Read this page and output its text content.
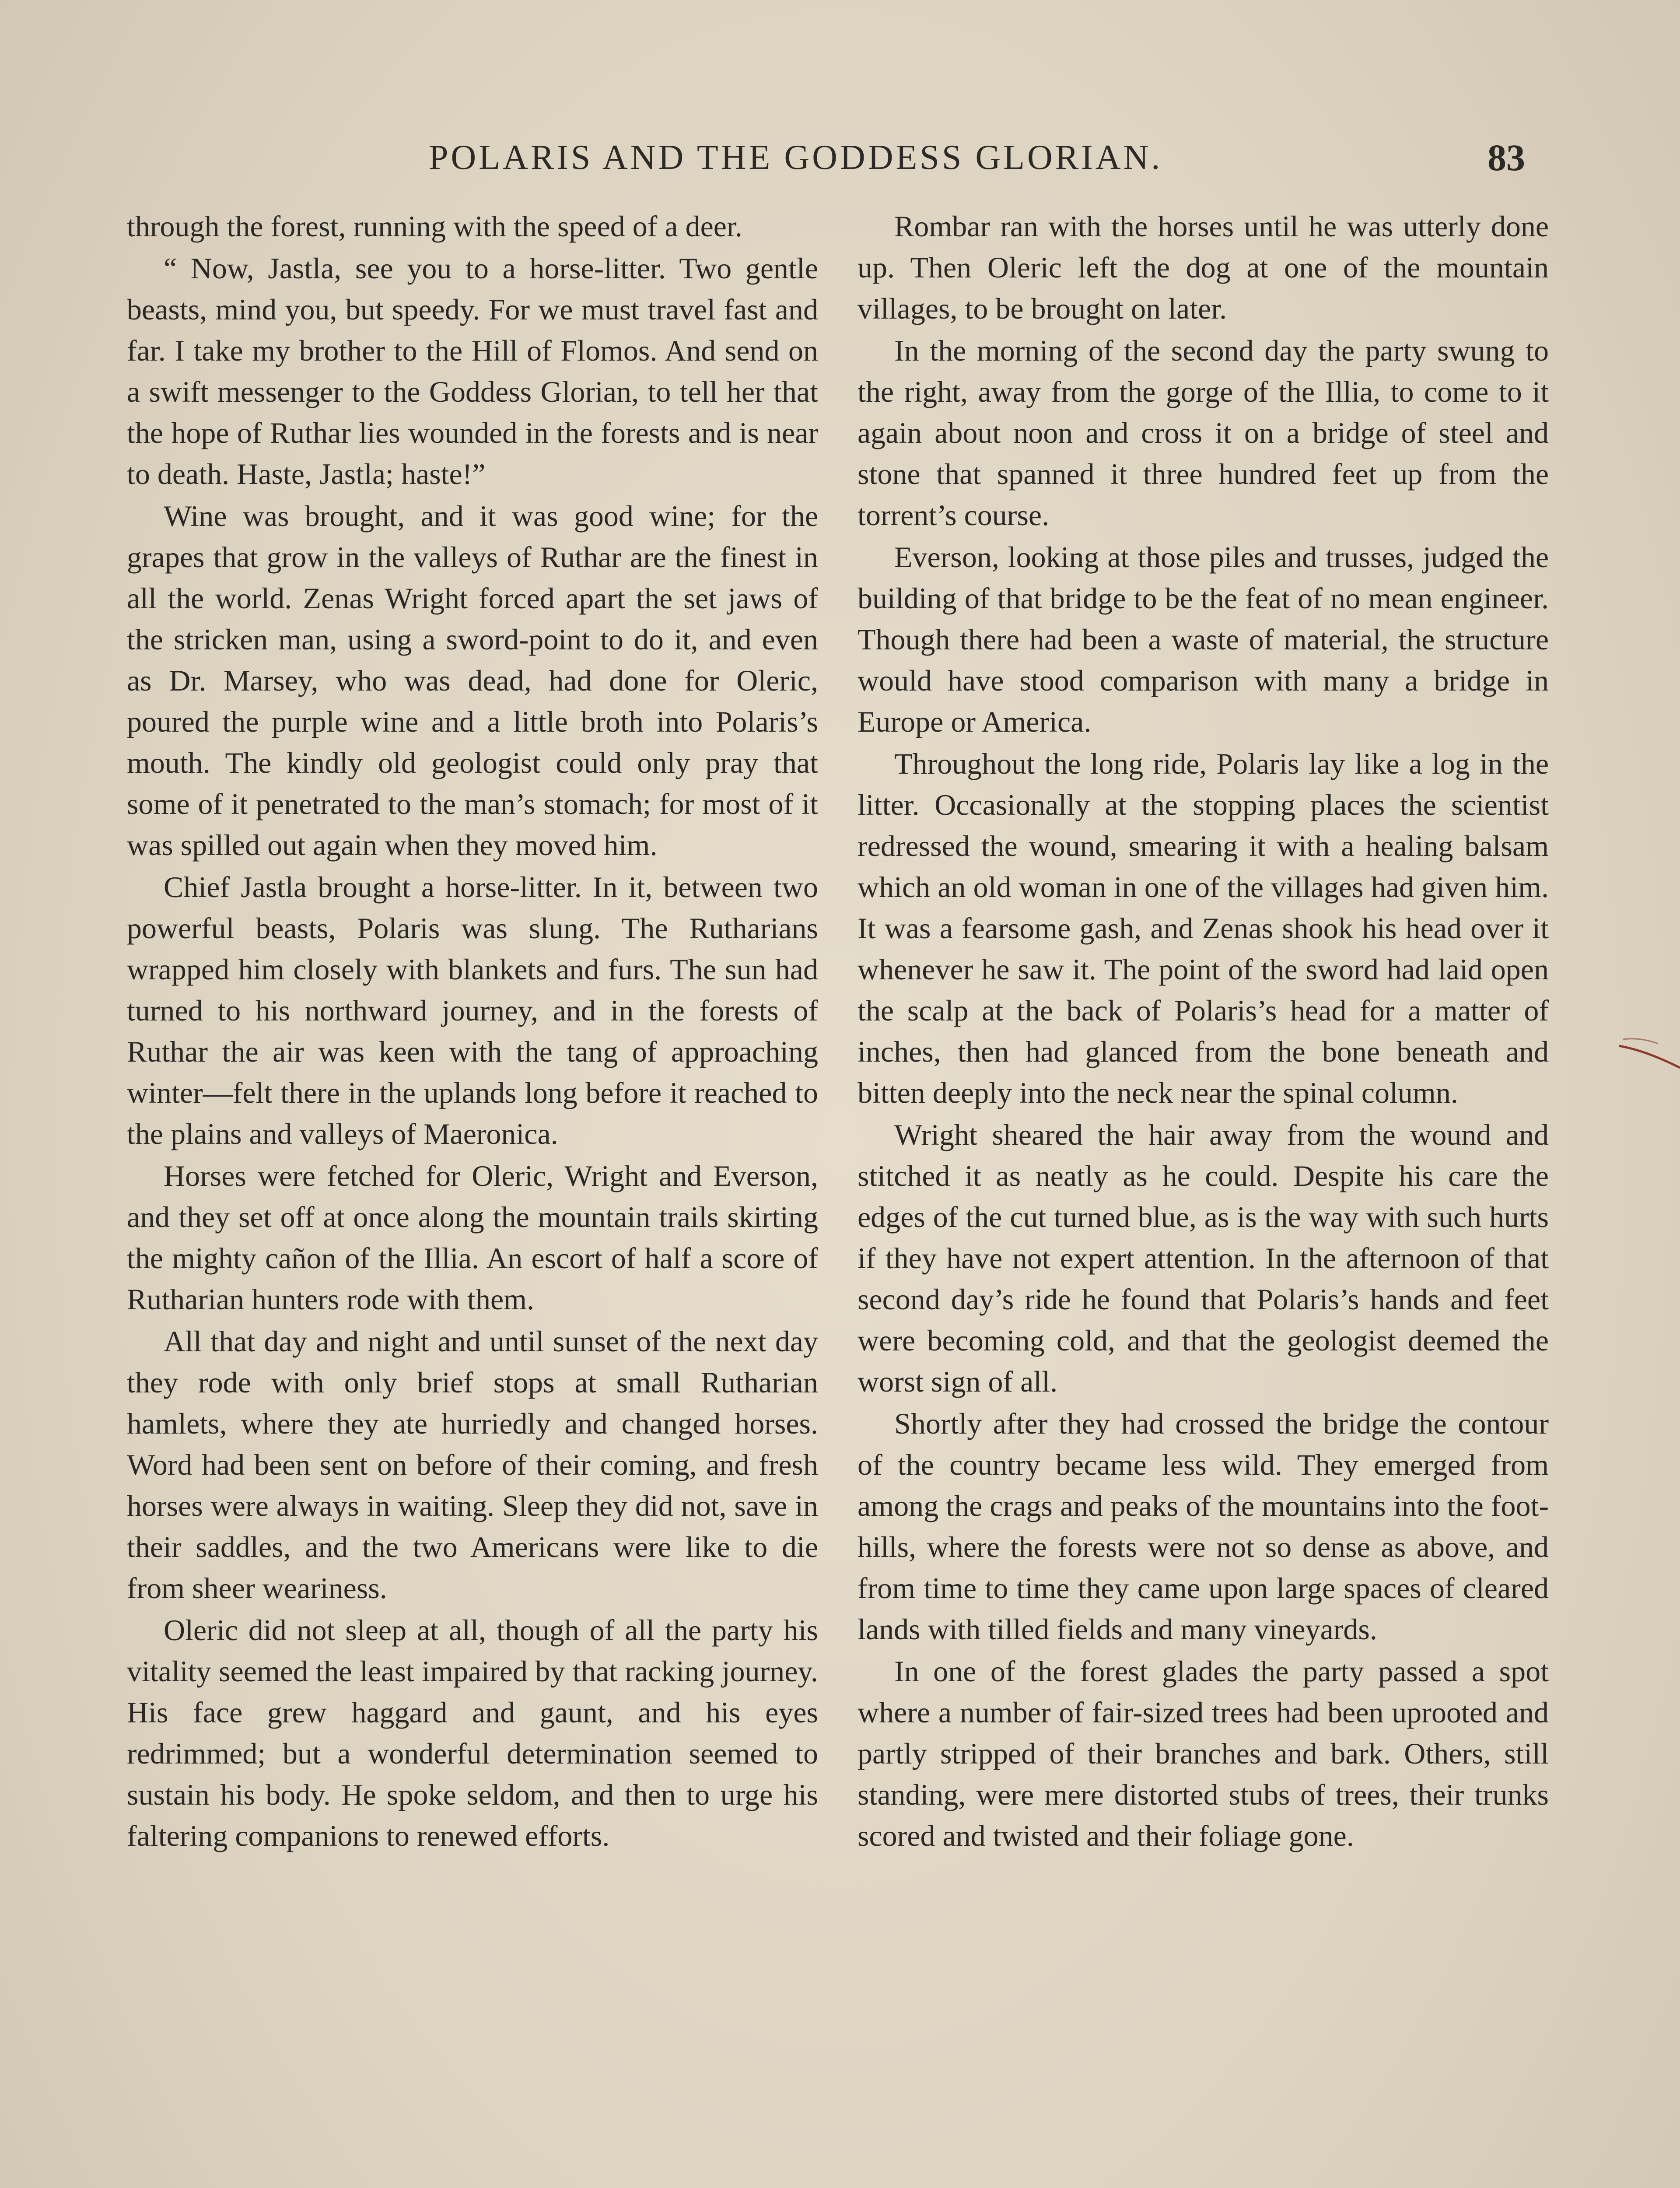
POLARIS AND THE GODDESS GLORIAN.	83

through the forest, running with the speed of a deer.

“ Now, Jastla, see you to a horse-litter. Two gentle beasts, mind you, but speedy. For we must travel fast and far. I take my brother to the Hill of Flomos. And send on a swift messenger to the Goddess Glorian, to tell her that the hope of Ruthar lies wounded in the forests and is near to death. Haste, Jastla; haste!”

Wine was brought, and it was good wine; for the grapes that grow in the valleys of Ruthar are the finest in all the world. Zenas Wright forced apart the set jaws of the stricken man, using a sword-point to do it, and even as Dr. Marsey, who was dead, had done for Oleric, poured the purple wine and a little broth into Polaris’s mouth. The kindly old geologist could only pray that some of it penetrated to the man’s stomach; for most of it was spilled out again when they moved him.

Chief Jastla brought a horse-litter. In it, between two powerful beasts, Polaris was slung. The Rutharians wrapped him closely with blankets and furs. The sun had turned to his northward journey, and in the forests of Ruthar the air was keen with the tang of approaching winter—felt there in the uplands long before it reached to the plains and valleys of Maeronica.

Horses were fetched for Oleric, Wright and Everson, and they set off at once along the mountain trails skirting the mighty cañon of the Illia. An escort of half a score of Rutharian hunters rode with them.

All that day and night and until sunset of the next day they rode with only brief stops at small Rutharian hamlets, where they ate hurriedly and changed horses. Word had been sent on before of their coming, and fresh horses were always in waiting. Sleep they did not, save in their saddles, and the two Americans were like to die from sheer weariness.

Oleric did not sleep at all, though of all the party his vitality seemed the least impaired by that racking journey. His face grew haggard and gaunt, and his eyes redrimmed; but a wonderful determination seemed to sustain his body. He spoke seldom, and then to urge his faltering companions to renewed efforts.

Rombar ran with the horses until he was utterly done up. Then Oleric left the dog at one of the mountain villages, to be brought on later.

In the morning of the second day the party swung to the right, away from the gorge of the Illia, to come to it again about noon and cross it on a bridge of steel and stone that spanned it three hundred feet up from the torrent’s course.

Everson, looking at those piles and trusses, judged the building of that bridge to be the feat of no mean engineer. Though there had been a waste of material, the structure would have stood comparison with many a bridge in Europe or America.

Throughout the long ride, Polaris lay like a log in the litter. Occasionally at the stopping places the scientist redressed the wound, smearing it with a healing balsam which an old woman in one of the villages had given him. It was a fearsome gash, and Zenas shook his head over it whenever he saw it. The point of the sword had laid open the scalp at the back of Polaris’s head for a matter of inches, then had glanced from the bone beneath and bitten deeply into the neck near the spinal column.

Wright sheared the hair away from the wound and stitched it as neatly as he could. Despite his care the edges of the cut turned blue, as is the way with such hurts if they have not expert attention. In the afternoon of that second day’s ride he found that Polaris’s hands and feet were becoming cold, and that the geologist deemed the worst sign of all.

Shortly after they had crossed the bridge the contour of the country became less wild. They emerged from among the crags and peaks of the mountains into the foot-hills, where the forests were not so dense as above, and from time to time they came upon large spaces of cleared lands with tilled fields and many vineyards.

In one of the forest glades the party passed a spot where a number of fair-sized trees had been uprooted and partly stripped of their branches and bark. Others, still standing, were mere distorted stubs of trees, their trunks scored and twisted and their foliage gone.
